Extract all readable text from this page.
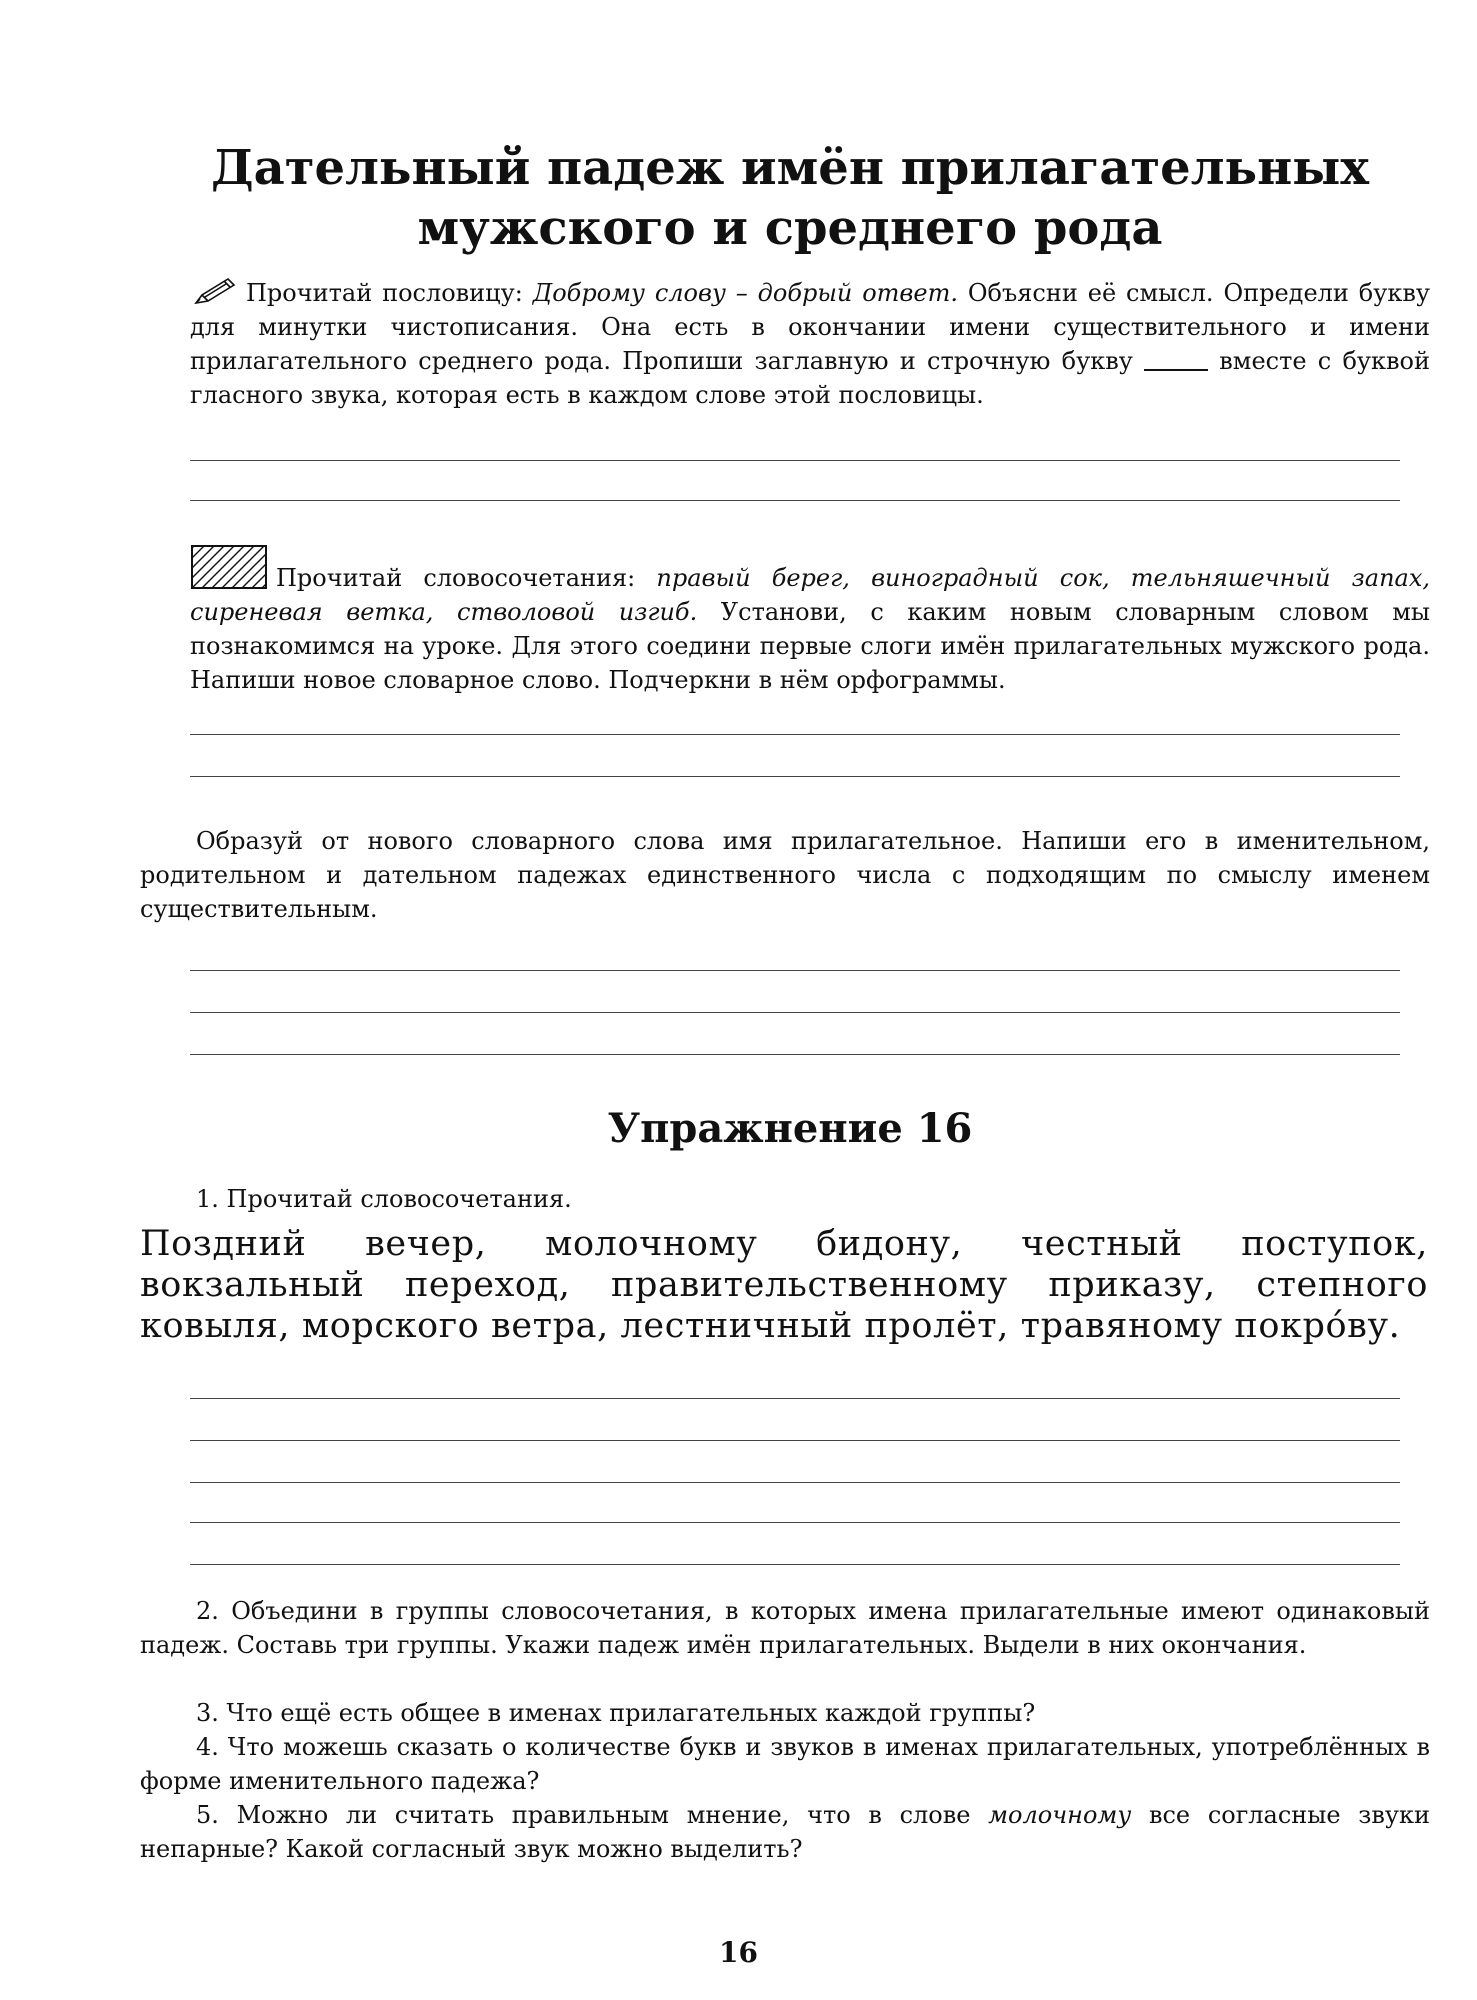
Дательный падеж имён прилагательных
мужского и среднего рода

Прочитай пословицу: Доброму слову – добрый ответ. Объясни её смысл. Определи букву для минутки чистописания. Она есть в окончании имени существительного и имени прилагательного среднего рода. Пропиши заглавную и строчную букву	вместе с буквой гласного звука, которая есть в каждом слове этой пословицы.

Прочитай словосочетания: правый берег, виноградный сок, тельняшечный запах, сиреневая ветка, стволовой изгиб. Установи, с каким новым словарным словом мы познакомимся на уроке. Для этого соедини первые слоги имён прилагательных мужского рода. Напиши новое словарное слово. Подчеркни в нём орфограммы.

Образуй от нового словарного слова имя прилагательное. Напиши его в именительном, родительном и дательном падежах единственного числа с подходящим по смыслу именем существительным.

Упражнение 16

1. Прочитай словосочетания.

Поздний вечер, молочному бидону, честный поступок,
вокзальный переход, правительственному приказу, степного
ковыля, морского ветра, лестничный пролёт, травяному покрóву.

2. Объедини в группы словосочетания, в которых имена прилагательные имеют одинаковый падеж. Составь три группы. Укажи падеж имён прилагательных. Выдели в них окончания.

3. Что ещё есть общее в именах прилагательных каждой группы?

4. Что можешь сказать о количестве букв и звуков в именах прилагательных, употреблённых в форме именительного падежа?

5. Можно ли считать правильным мнение, что в слове молочному все согласные звуки непарные? Какой согласный звук можно выделить?

16
